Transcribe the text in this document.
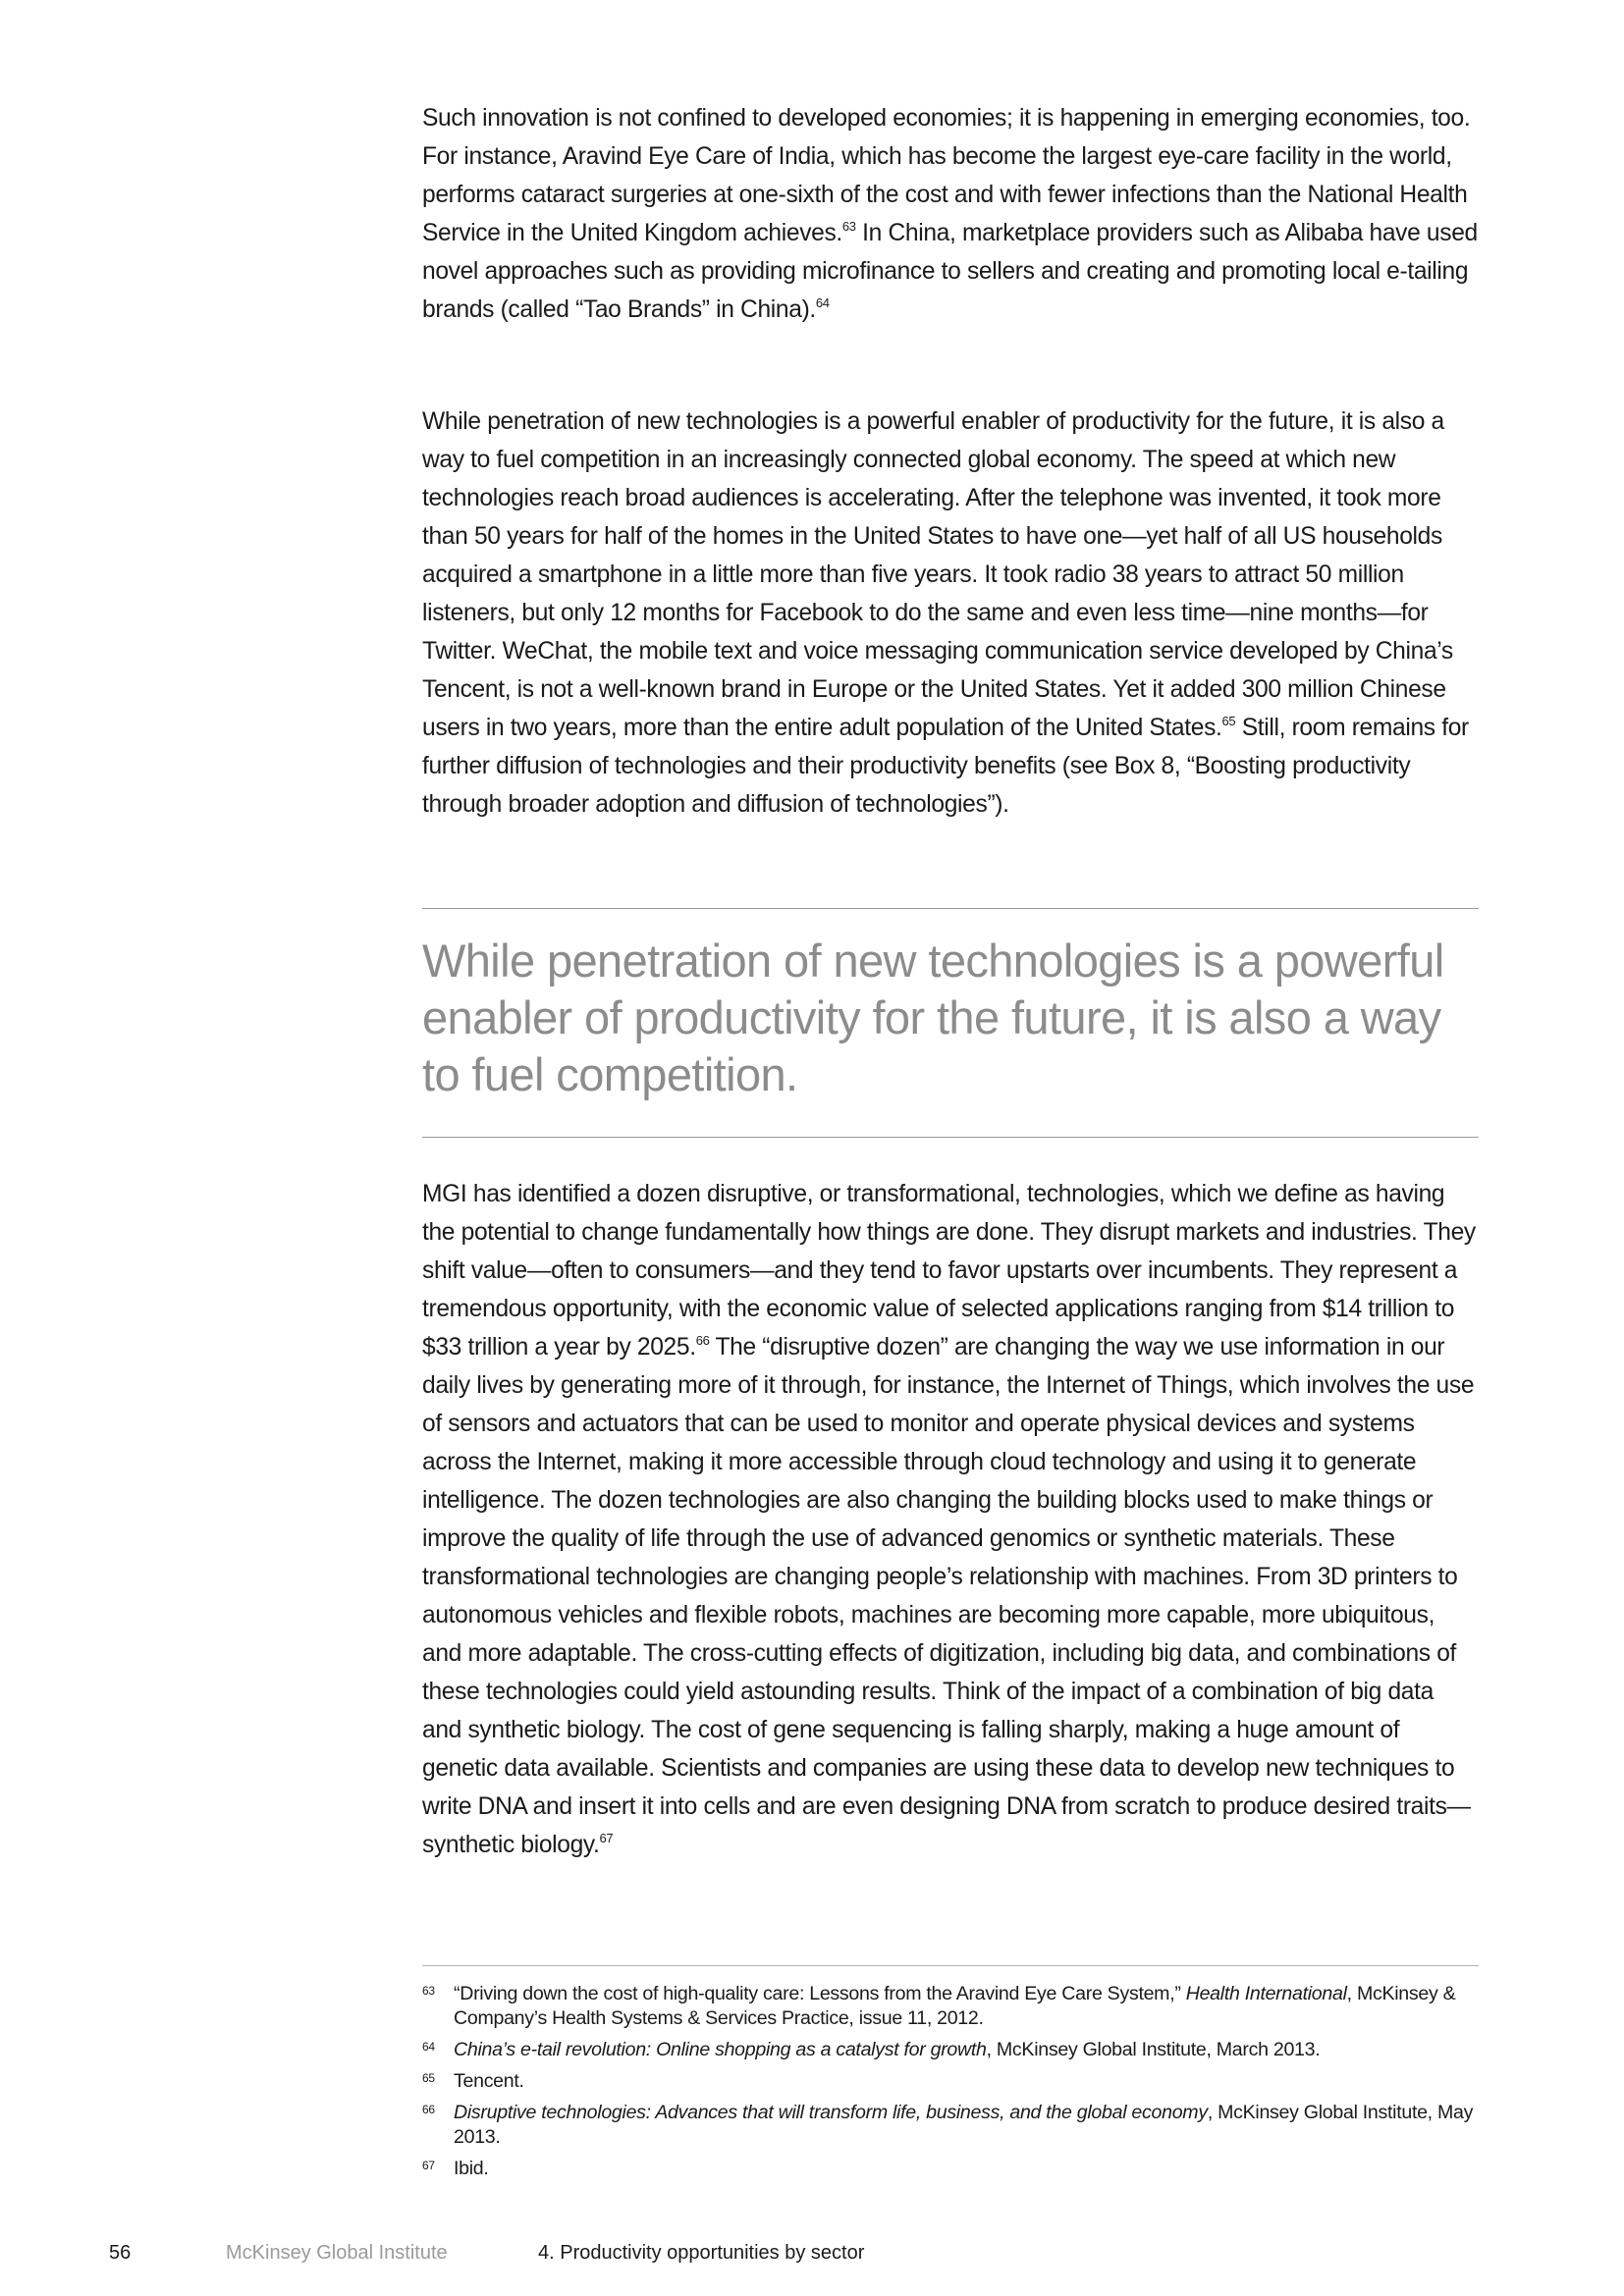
Such innovation is not confined to developed economies; it is happening in emerging economies, too. For instance, Aravind Eye Care of India, which has become the largest eye-care facility in the world, performs cataract surgeries at one-sixth of the cost and with fewer infections than the National Health Service in the United Kingdom achieves.$^{63}$ In China, marketplace providers such as Alibaba have used novel approaches such as providing microfinance to sellers and creating and promoting local e-tailing brands (called “Tao Brands” in China).$^{64}$
While penetration of new technologies is a powerful enabler of productivity for the future, it is also a way to fuel competition in an increasingly connected global economy. The speed at which new technologies reach broad audiences is accelerating. After the telephone was invented, it took more than 50 years for half of the homes in the United States to have one—yet half of all US households acquired a smartphone in a little more than five years. It took radio 38 years to attract 50 million listeners, but only 12 months for Facebook to do the same and even less time—nine months—for Twitter. WeChat, the mobile text and voice messaging communication service developed by China’s Tencent, is not a well-known brand in Europe or the United States. Yet it added 300 million Chinese users in two years, more than the entire adult population of the United States.$^{65}$ Still, room remains for further diffusion of technologies and their productivity benefits (see Box 8, “Boosting productivity through broader adoption and diffusion of technologies”).

While penetration of new technologies is a powerful enabler of productivity for the future, it is also a way to fuel competition.

MGI has identified a dozen disruptive, or transformational, technologies, which we define as having the potential to change fundamentally how things are done. They disrupt markets and industries. They shift value—often to consumers—and they tend to favor upstarts over incumbents. They represent a tremendous opportunity, with the economic value of selected applications ranging from $14 trillion to $33 trillion a year by 2025.66 The “disruptive dozen” are changing the way we use information in our daily lives by generating more of it through, for instance, the Internet of Things, which involves the use of sensors and actuators that can be used to monitor and operate physical devices and systems across the Internet, making it more accessible through cloud technology and using it to generate intelligence. The dozen technologies are also changing the building blocks used to make things or improve the quality of life through the use of advanced genomics or synthetic materials. These transformational technologies are changing people’s relationship with machines. From 3D printers to autonomous vehicles and flexible robots, machines are becoming more capable, more ubiquitous, and more adaptable. The cross-cutting effects of digitization, including big data, and combinations of these technologies could yield astounding results. Think of the impact of a combination of big data and synthetic biology. The cost of gene sequencing is falling sharply, making a huge amount of genetic data available. Scientists and companies are using these data to develop new techniques to write DNA and insert it into cells and are even designing DNA from scratch to produce desired traits—synthetic biology.$^{67}$
63 “Driving down the cost of high-quality care: Lessons from the Aravind Eye Care System,” Health International, McKinsey & Company’s Health Systems & Services Practice, issue 11, 2012.
64 China’s e-tail revolution: Online shopping as a catalyst for growth, McKinsey Global Institute, March 2013.
65 Tencent.
66 Disruptive technologies: Advances that will transform life, business, and the global economy, McKinsey Global Institute, May 2013.
67 Ibid.
56	McKinsey Global Institute	4. Productivity opportunities by sector
